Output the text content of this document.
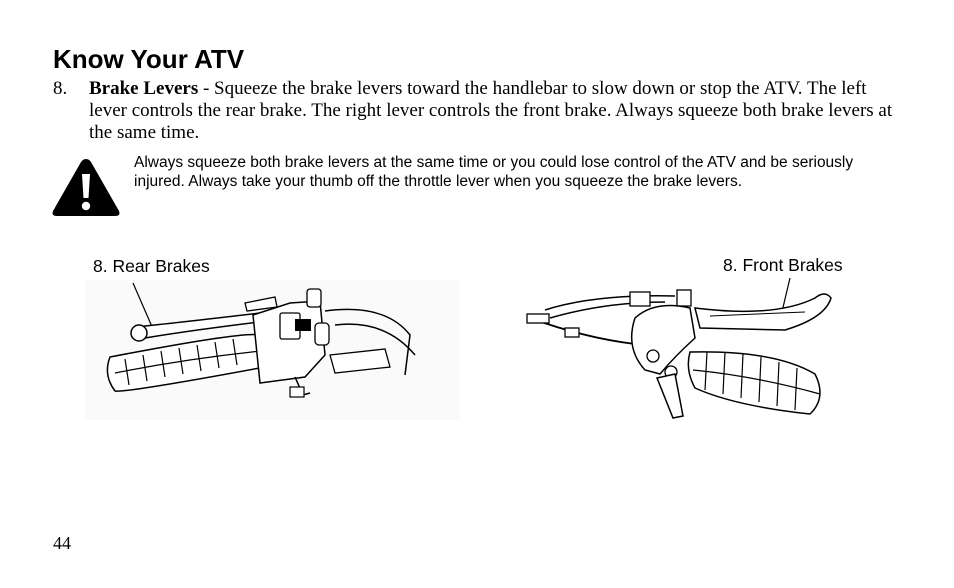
Know Your ATV
8. Brake Levers - Squeeze the brake levers toward the handlebar to slow down or stop the ATV. The left lever controls the rear brake. The right lever controls the front brake. Always squeeze both brake levers at the same time.
Always squeeze both brake levers at the same time or you could lose control of the ATV and be seriously injured. Always take your thumb off the throttle lever when you squeeze the brake levers.
8. Rear Brakes	8. Front Brakes
44
